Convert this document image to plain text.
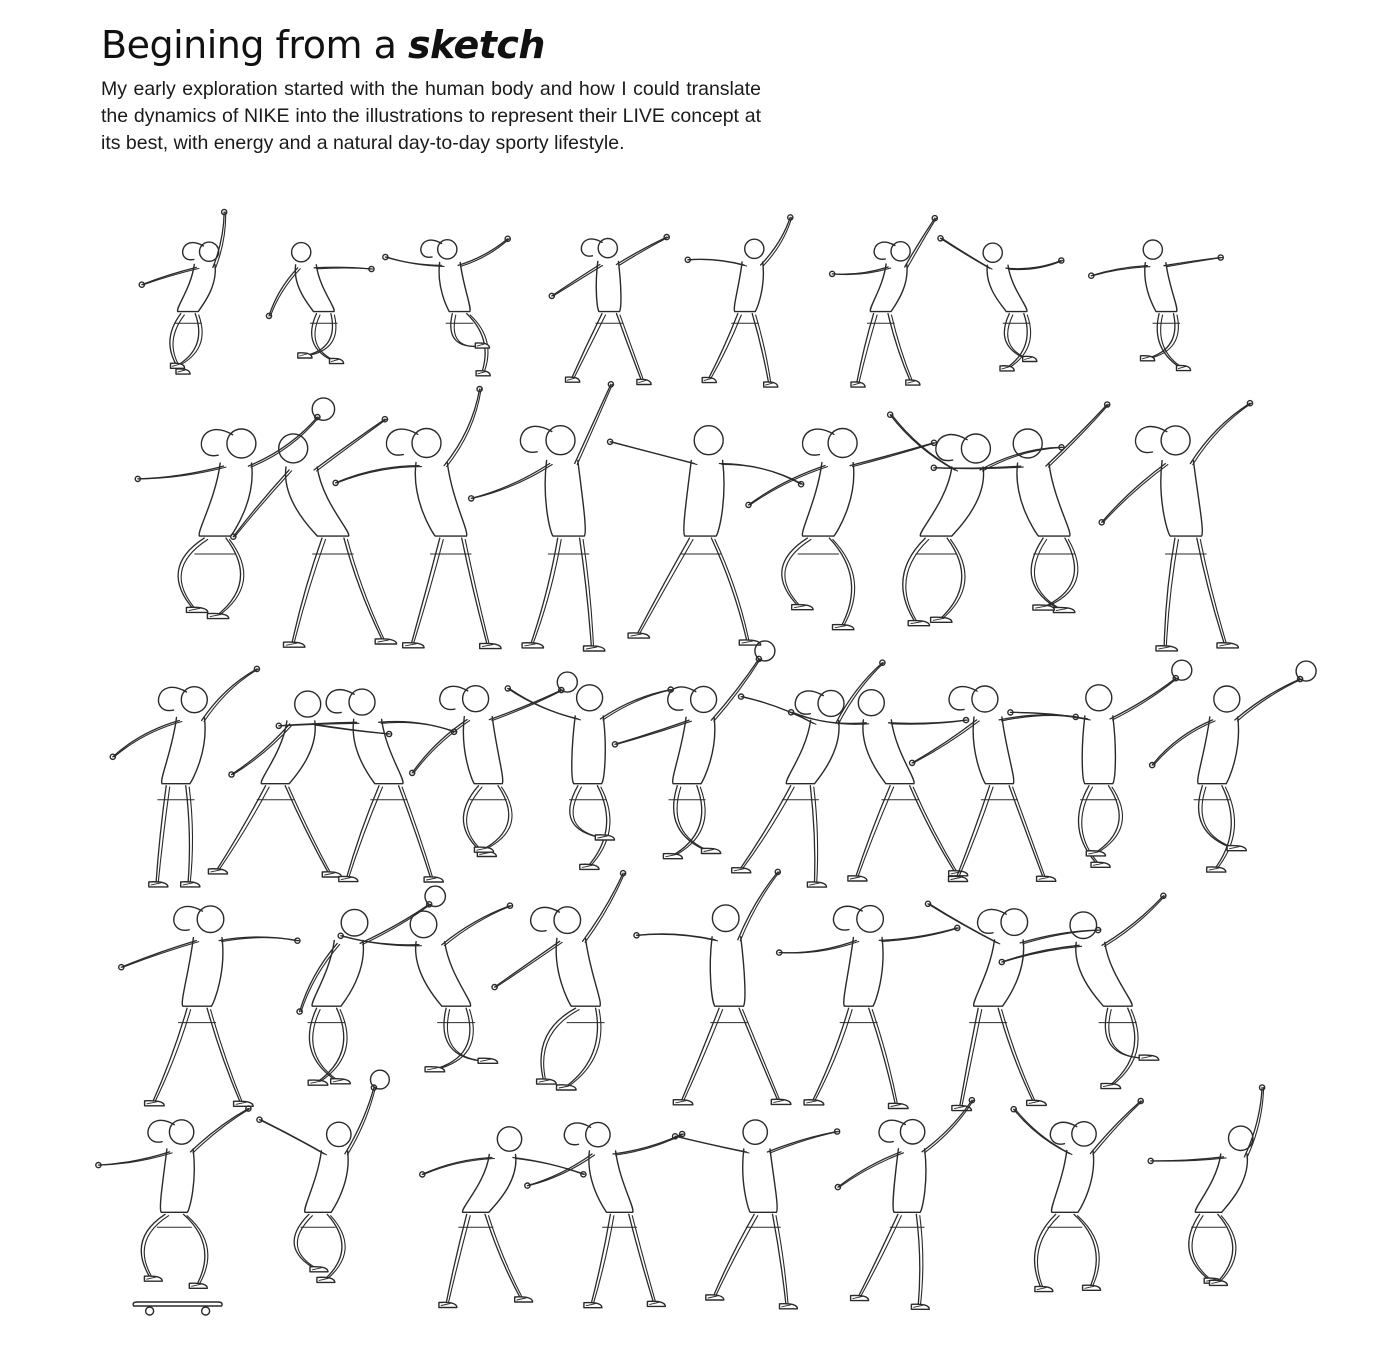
Begining from a sketch

My early exploration started with the human body and how I could translate the dynamics of NIKE into the illustrations to represent their LIVE concept at its best, with energy and a natural day-to-day sporty lifestyle.
